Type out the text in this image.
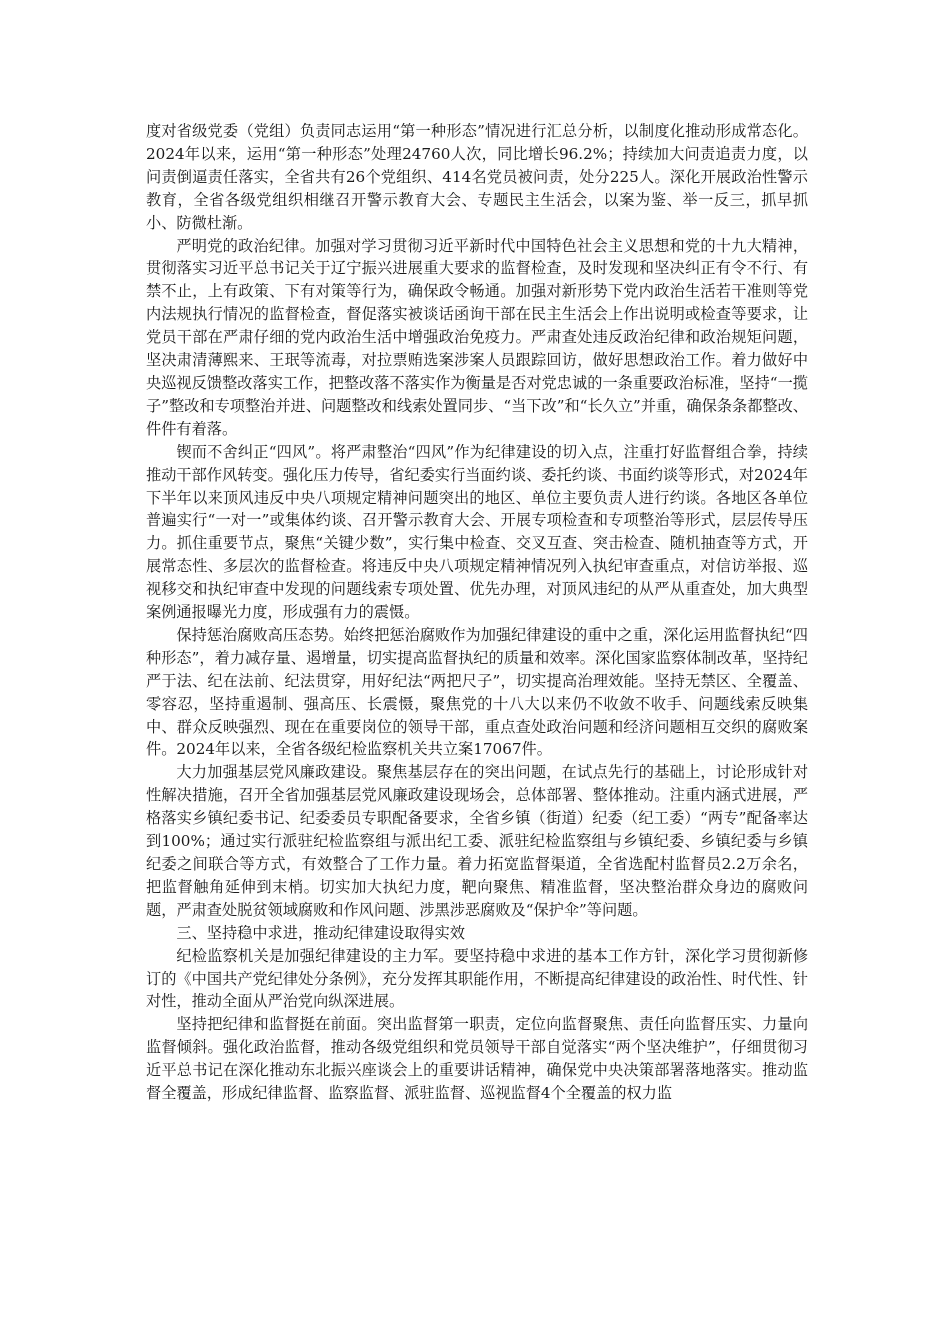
度对省级党委（党组）负责同志运用“第一种形态”情况进行汇总分析，以制度化推动形成常态化。2024年以来，运用“第一种形态”处理24760人次，同比增长96.2%；持续加大问责追责力度，以问责倒逼责任落实，全省共有26个党组织、414名党员被问责，处分225人。深化开展政治性警示教育，全省各级党组织相继召开警示教育大会、专题民主生活会，以案为鉴、举一反三，抓早抓小、防微杜渐。

严明党的政治纪律。加强对学习贯彻习近平新时代中国特色社会主义思想和党的十九大精神，贯彻落实习近平总书记关于辽宁振兴进展重大要求的监督检查，及时发现和坚决纠正有令不行、有禁不止，上有政策、下有对策等行为，确保政令畅通。加强对新形势下党内政治生活若干准则等党内法规执行情况的监督检查，督促落实被谈话函询干部在民主生活会上作出说明或检查等要求，让党员干部在严肃仔细的党内政治生活中增强政治免疫力。严肃查处违反政治纪律和政治规矩问题，坚决肃清薄熙来、王珉等流毒，对拉票贿选案涉案人员跟踪回访，做好思想政治工作。着力做好中央巡视反馈整改落实工作，把整改落不落实作为衡量是否对党忠诚的一条重要政治标准，坚持“一揽子”整改和专项整治并进、问题整改和线索处置同步、“当下改”和“长久立”并重，确保条条都整改、件件有着落。

锲而不舍纠正“四风”。将严肃整治“四风”作为纪律建设的切入点，注重打好监督组合拳，持续推动干部作风转变。强化压力传导，省纪委实行当面约谈、委托约谈、书面约谈等形式，对2024年下半年以来顶风违反中央八项规定精神问题突出的地区、单位主要负责人进行约谈。各地区各单位普遍实行“一对一”或集体约谈、召开警示教育大会、开展专项检查和专项整治等形式，层层传导压力。抓住重要节点，聚焦“关键少数”，实行集中检查、交叉互查、突击检查、随机抽查等方式，开展常态性、多层次的监督检查。将违反中央八项规定精神情况列入执纪审查重点，对信访举报、巡视移交和执纪审查中发现的问题线索专项处置、优先办理，对顶风违纪的从严从重查处，加大典型案例通报曝光力度，形成强有力的震慑。

保持惩治腐败高压态势。始终把惩治腐败作为加强纪律建设的重中之重，深化运用监督执纪“四种形态”，着力减存量、遏增量，切实提高监督执纪的质量和效率。深化国家监察体制改革，坚持纪严于法、纪在法前、纪法贯穿，用好纪法“两把尺子”，切实提高治理效能。坚持无禁区、全覆盖、零容忍，坚持重遏制、强高压、长震慑，聚焦党的十八大以来仍不收敛不收手、问题线索反映集中、群众反映强烈、现在在重要岗位的领导干部，重点查处政治问题和经济问题相互交织的腐败案件。2024年以来，全省各级纪检监察机关共立案17067件。

大力加强基层党风廉政建设。聚焦基层存在的突出问题，在试点先行的基础上，讨论形成针对性解决措施，召开全省加强基层党风廉政建设现场会，总体部署、整体推动。注重内涵式进展，严格落实乡镇纪委书记、纪委委员专职配备要求，全省乡镇（街道）纪委（纪工委）“两专”配备率达到100%；通过实行派驻纪检监察组与派出纪工委、派驻纪检监察组与乡镇纪委、乡镇纪委与乡镇纪委之间联合等方式，有效整合了工作力量。着力拓宽监督渠道，全省选配村监督员2.2万余名，把监督触角延伸到末梢。切实加大执纪力度，靶向聚焦、精准监督，坚决整治群众身边的腐败问题，严肃查处脱贫领域腐败和作风问题、涉黑涉恶腐败及“保护伞”等问题。

三、坚持稳中求进，推动纪律建设取得实效

纪检监察机关是加强纪律建设的主力军。要坚持稳中求进的基本工作方针，深化学习贯彻新修订的《中国共产党纪律处分条例》，充分发挥其职能作用，不断提高纪律建设的政治性、时代性、针对性，推动全面从严治党向纵深进展。

坚持把纪律和监督挺在前面。突出监督第一职责，定位向监督聚焦、责任向监督压实、力量向监督倾斜。强化政治监督，推动各级党组织和党员领导干部自觉落实“两个坚决维护”，仔细贯彻习近平总书记在深化推动东北振兴座谈会上的重要讲话精神，确保党中央决策部署落地落实。推动监督全覆盖，形成纪律监督、监察监督、派驻监督、巡视监督4个全覆盖的权力监
